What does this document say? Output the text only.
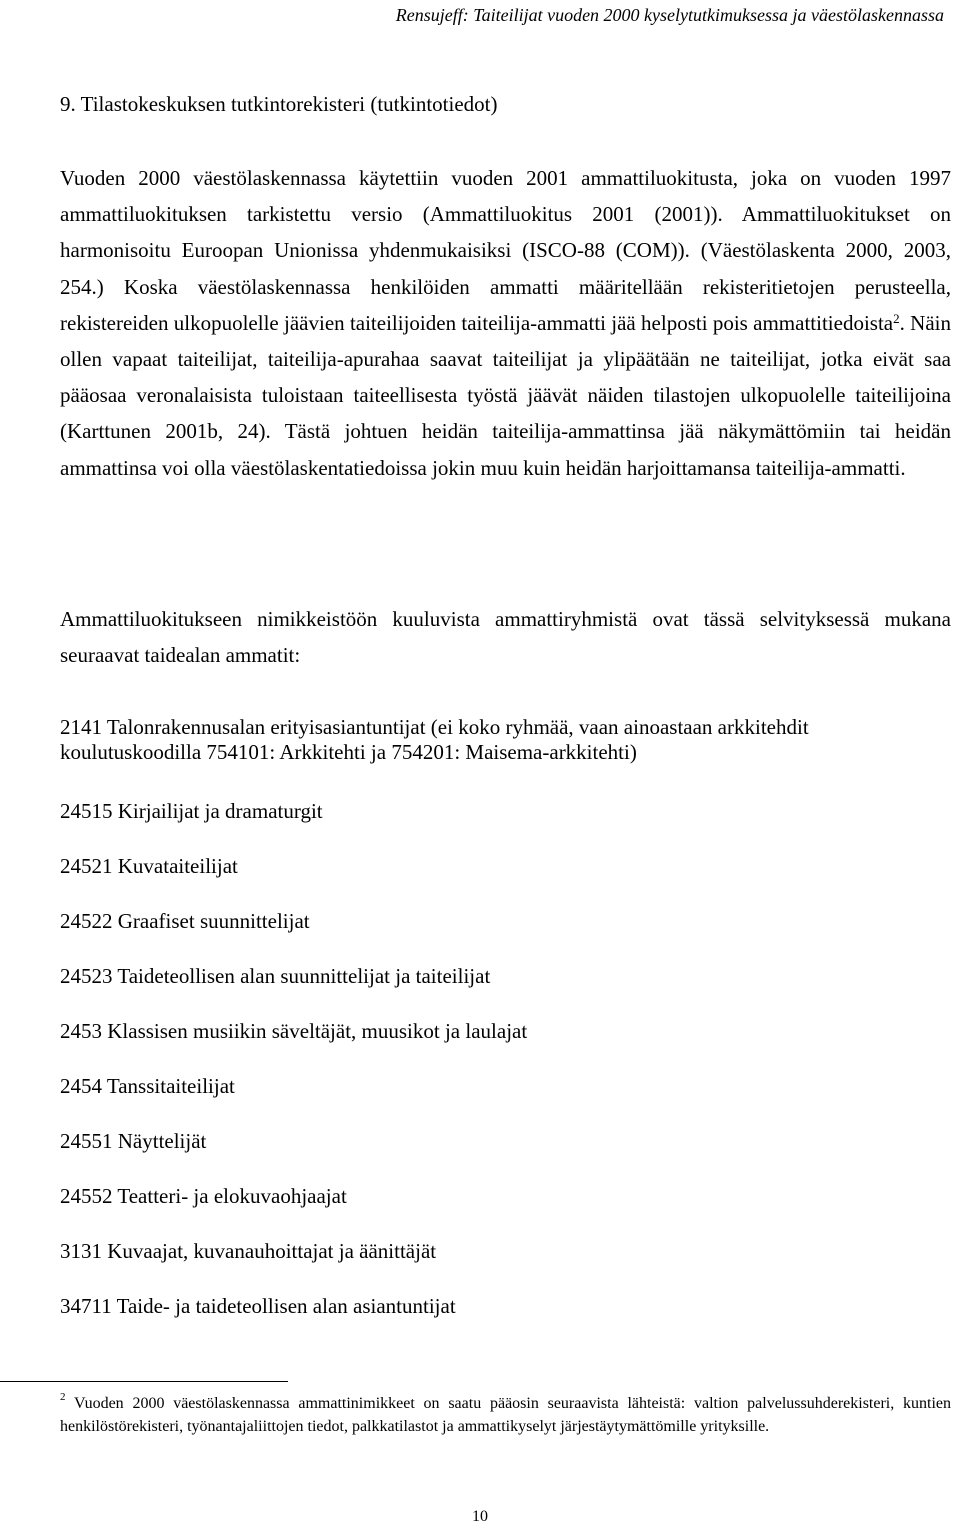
Rensujeff: Taiteilijat vuoden 2000 kyselytutkimuksessa ja väestölaskennassa
9. Tilastokeskuksen tutkintorekisteri (tutkintotiedot)

Vuoden 2000 väestölaskennassa käytettiin vuoden 2001 ammattiluokitusta, joka on vuoden 1997 ammattiluokituksen tarkistettu versio (Ammattiluokitus 2001 (2001)). Ammattiluokitukset on harmonisoitu Euroopan Unionissa yhdenmukaisiksi (ISCO-88 (COM)). (Väestölaskenta 2000, 2003, 254.) Koska väestölaskennassa henkilöiden ammatti määritellään rekisteritietojen perusteella, rekistereiden ulkopuolelle jäävien taiteilijoiden taiteilija-ammatti jää helposti pois ammattitiedoista$^2$. Näin ollen vapaat taiteilijat, taiteilija-apurahaa saavat taiteilijat ja ylipäätään ne taiteilijat, jotka eivät saa pääosaa veronalaisista tuloistaan taiteellisesta työstä jäävät näiden tilastojen ulkopuolelle taiteilijoina (Karttunen 2001b, 24). Tästä johtuen heidän taiteilija-ammattinsa jää näkymättömiin tai heidän ammattinsa voi olla väestölaskentatiedoissa jokin muu kuin heidän harjoittamansa taiteilija-ammatti.

Ammattiluokitukseen nimikkeistöön kuuluvista ammattiryhmistä ovat tässä selvityksessä mukana seuraavat taidealan ammatit:

2141 Talonrakennusalan erityisasiantuntijat (ei koko ryhmää, vaan ainoastaan arkkitehdit koulutuskoodilla 754101: Arkkitehti ja 754201: Maisema-arkkitehti)

24515 Kirjailijat ja dramaturgit

24521 Kuvataiteilijat

24522 Graafiset suunnittelijat

24523 Taideteollisen alan suunnittelijat ja taiteilijat

2453 Klassisen musiikin säveltäjät, muusikot ja laulajat

2454 Tanssitaiteilijat

24551 Näyttelijät

24552 Teatteri- ja elokuvaohjaajat

3131 Kuvaajat, kuvanauhoittajat ja äänittäjät

34711 Taide- ja taideteollisen alan asiantuntijat

$^2$ Vuoden 2000 väestölaskennassa ammattinimikkeet on saatu pääosin seuraavista lähteistä: valtion palvelussuhderekisteri, kuntien henkilöstörekisteri, työnantajaliittojen tiedot, palkkatilastot ja ammattikyselyt järjestäytymättömille yrityksille.

10
